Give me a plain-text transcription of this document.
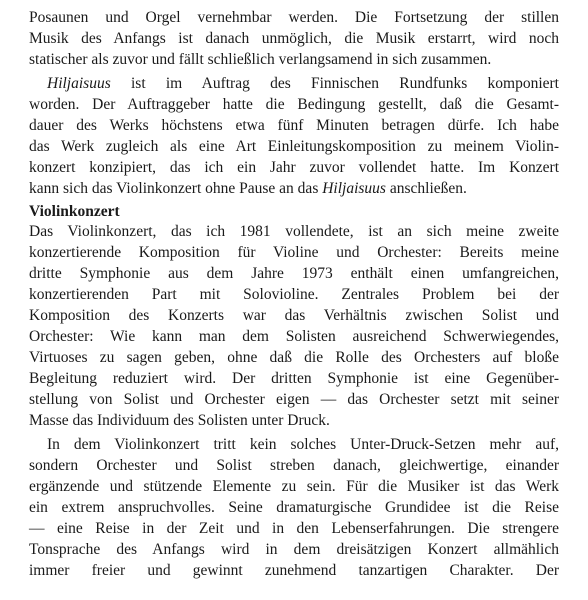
Posaunen und Orgel vernehmbar werden. Die Fortsetzung der stillen
Musik des Anfangs ist danach unmöglich, die Musik erstarrt, wird noch
statischer als zuvor und fällt schließlich verlangsamend in sich zusammen.
Hiljaisuus ist im Auftrag des Finnischen Rundfunks komponiert
worden. Der Auftraggeber hatte die Bedingung gestellt, daß die Gesamt-
dauer des Werks höchstens etwa fünf Minuten betragen dürfe. Ich habe
das Werk zugleich als eine Art Einleitungskomposition zu meinem Violin-
konzert konzipiert, das ich ein Jahr zuvor vollendet hatte. Im Konzert
kann sich das Violinkonzert ohne Pause an das Hiljaisuus anschließen.
Violinkonzert
Das Violinkonzert, das ich 1981 vollendete, ist an sich meine zweite
konzertierende Komposition für Violine und Orchester: Bereits meine
dritte Symphonie aus dem Jahre 1973 enthält einen umfangreichen,
konzertierenden Part mit Solovioline. Zentrales Problem bei der
Komposition des Konzerts war das Verhältnis zwischen Solist und
Orchester: Wie kann man dem Solisten ausreichend Schwerwiegendes,
Virtuoses zu sagen geben, ohne daß die Rolle des Orchesters auf bloße
Begleitung reduziert wird. Der dritten Symphonie ist eine Gegenüber-
stellung von Solist und Orchester eigen — das Orchester setzt mit seiner
Masse das Individuum des Solisten unter Druck.
In dem Violinkonzert tritt kein solches Unter-Druck-Setzen mehr auf,
sondern Orchester und Solist streben danach, gleichwertige, einander
ergänzende und stützende Elemente zu sein. Für die Musiker ist das Werk
ein extrem anspruchvolles. Seine dramaturgische Grundidee ist die Reise
— eine Reise in der Zeit und in den Lebenserfahrungen. Die strengere
Tonsprache des Anfangs wird in dem dreisätzigen Konzert allmählich
immer freier und gewinnt zunehmend tanzartigen Charakter. Der
